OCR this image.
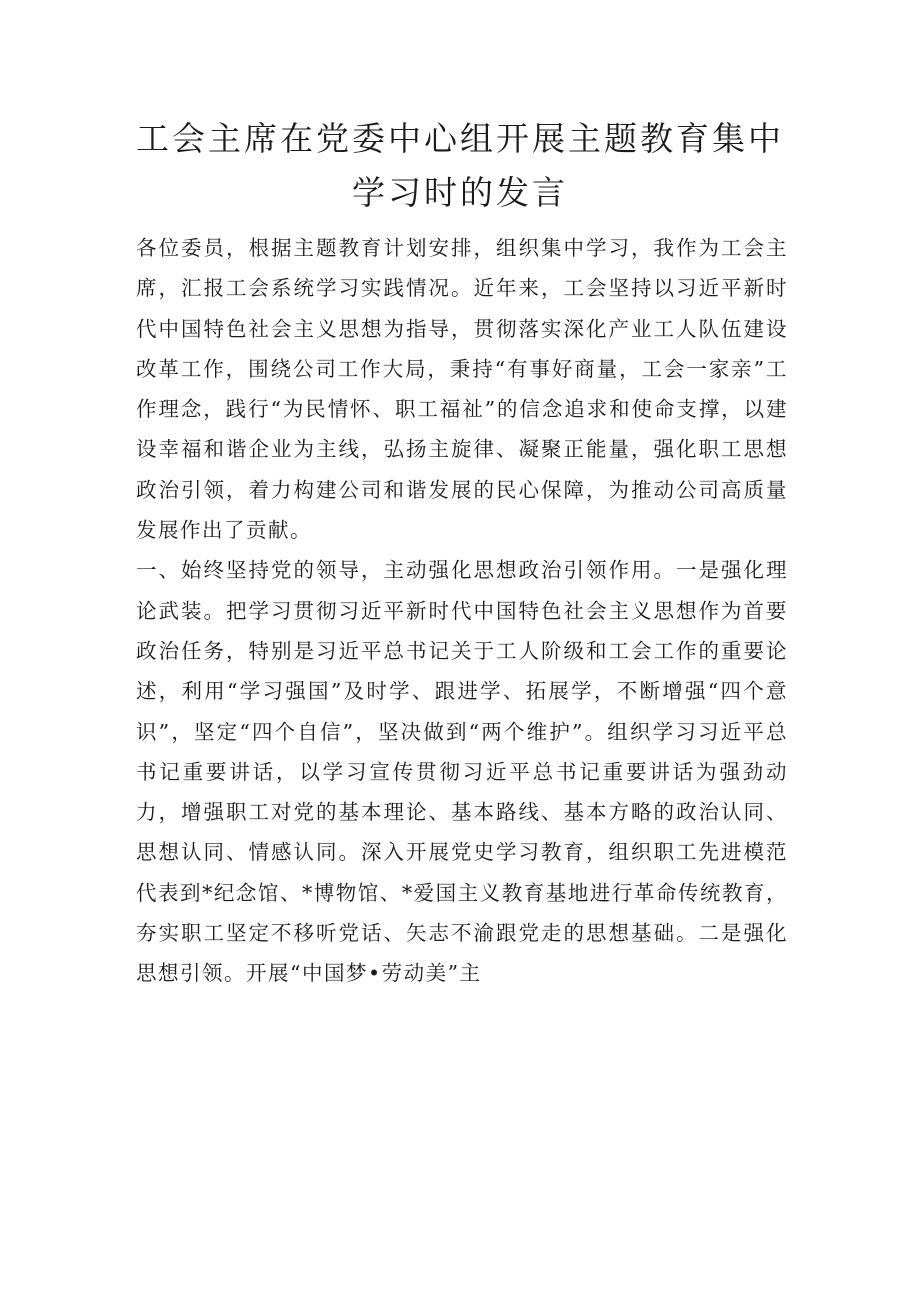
工会主席在党委中心组开展主题教育集中
学习时的发言

各位委员，根据主题教育计划安排，组织集中学习，我作为工会主席，汇报工会系统学习实践情况。近年来，工会坚持以习近平新时代中国特色社会主义思想为指导，贯彻落实深化产业工人队伍建设改革工作，围绕公司工作大局，秉持“有事好商量，工会一家亲”工作理念，践行“为民情怀、职工福祉”的信念追求和使命支撑，以建设幸福和谐企业为主线，弘扬主旋律、凝聚正能量，强化职工思想政治引领，着力构建公司和谐发展的民心保障，为推动公司高质量发展作出了贡献。

一、始终坚持党的领导，主动强化思想政治引领作用。一是强化理论武装。把学习贯彻习近平新时代中国特色社会主义思想作为首要政治任务，特别是习近平总书记关于工人阶级和工会工作的重要论述，利用“学习强国”及时学、跟进学、拓展学，不断增强“四个意识”，坚定“四个自信”，坚决做到“两个维护”。组织学习习近平总书记重要讲话，以学习宣传贯彻习近平总书记重要讲话为强劲动力，增强职工对党的基本理论、基本路线、基本方略的政治认同、思想认同、情感认同。深入开展党史学习教育，组织职工先进模范代表到*纪念馆、*博物馆、*爱国主义教育基地进行革命传统教育，夯实职工坚定不移听党话、矢志不渝跟党走的思想基础。二是强化思想引领。开展“中国梦•劳动美”主
